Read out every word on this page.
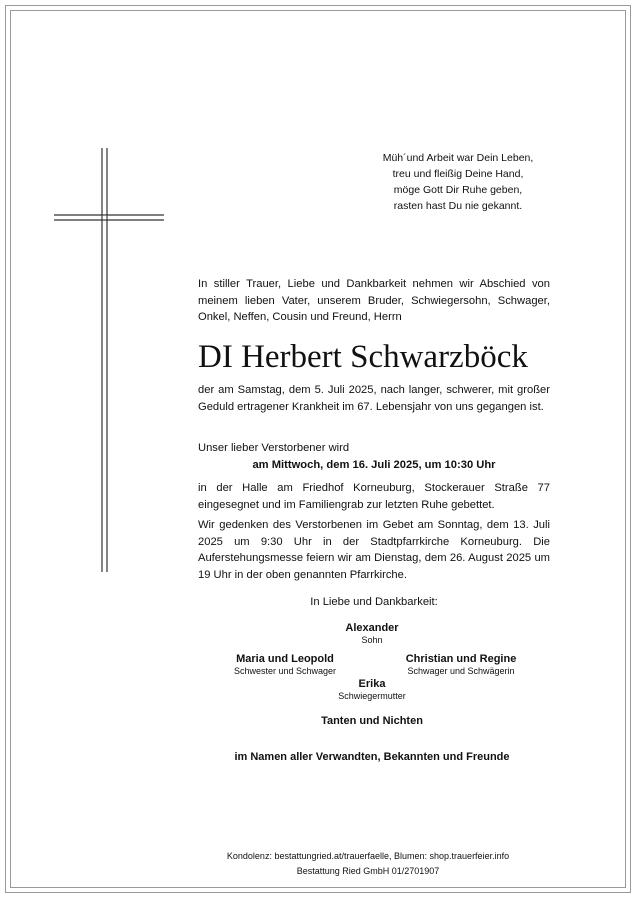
Müh´und Arbeit war Dein Leben,
treu und fleißig Deine Hand,
möge Gott Dir Ruhe geben,
rasten hast Du nie gekannt.
In stiller Trauer, Liebe und Dankbarkeit nehmen wir Abschied von meinem lieben Vater, unserem Bruder, Schwiegersohn, Schwager, Onkel, Neffen, Cousin und Freund, Herrn
DI Herbert Schwarzböck
der am Samstag, dem 5. Juli 2025, nach langer, schwerer, mit großer Geduld ertragener Krankheit im 67. Lebensjahr von uns gegangen ist.
Unser lieber Verstorbener wird
am Mittwoch, dem 16. Juli 2025, um 10:30 Uhr
in der Halle am Friedhof Korneuburg, Stockerauer Straße 77 eingesegnet und im Familiengrab zur letzten Ruhe gebettet.
Wir gedenken des Verstorbenen im Gebet am Sonntag, dem 13. Juli 2025 um 9:30 Uhr in der Stadtpfarrkirche Korneuburg. Die Auferstehungsmesse feiern wir am Dienstag, dem 26. August 2025 um 19 Uhr in der oben genannten Pfarrkirche.
In Liebe und Dankbarkeit:
Alexander
Sohn
Maria und Leopold
Schwester und Schwager
Christian und Regine
Schwager und Schwägerin
Erika
Schwiegermutter
Tanten und Nichten
im Namen aller Verwandten, Bekannten und Freunde
Kondolenz: bestattungried.at/trauerfaelle, Blumen: shop.trauerfeier.info
Bestattung Ried GmbH 01/2701907
